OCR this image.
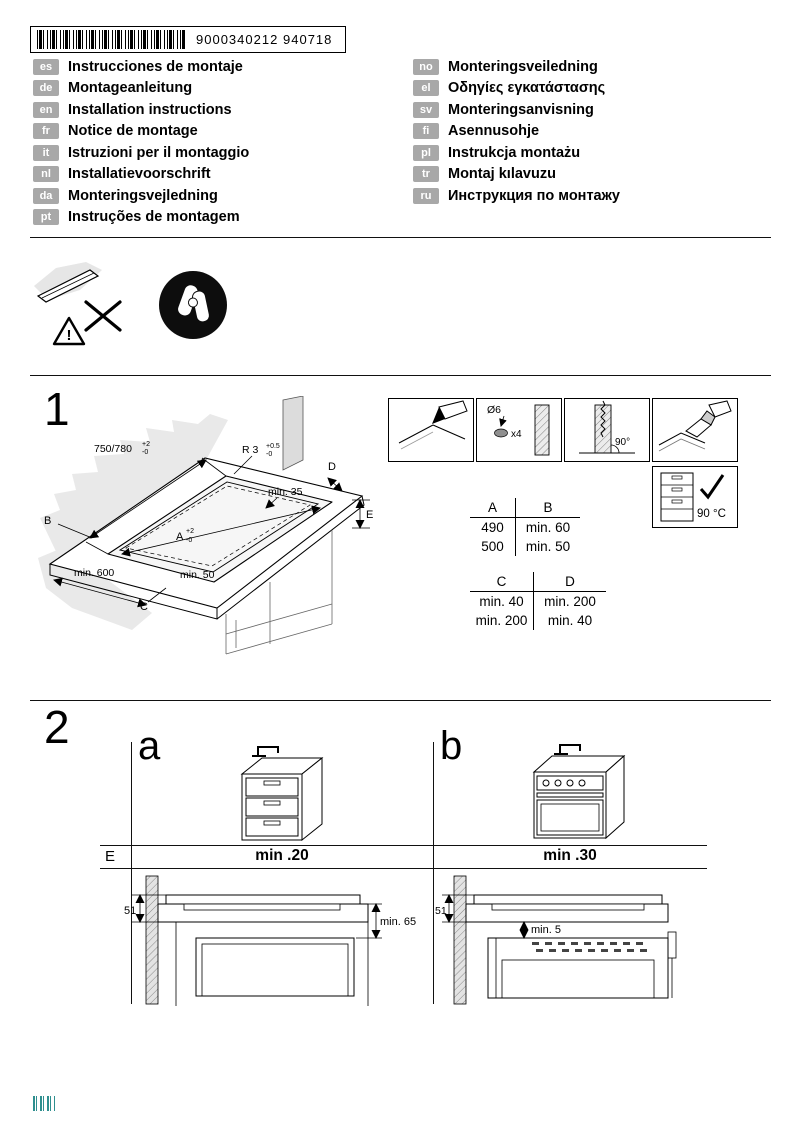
9000340212 940718
es	Instrucciones de montaje
de	Montageanleitung
en	Installation instructions
fr	Notice de montage
it	Istruzioni per il montaggio
nl	Installatievoorschrift
da	Monteringsvejledning
pt	Instruções de montagem
no	Monteringsveiledning
el	Οδηγίες εγκατάστασης
sv	Monteringsanvisning
fi	Asennusohje
pl	Instrukcja montażu
tr	Montaj kılavuzu
ru	Инструкция по монтажу
!
1
750/780 +2
-0	R 3 +0.5
-0
min. 35
A +2
-0
min. 600	min. 50
B
C
D
E
Ø6
x4
90°
90 °C
A	B
490	min. 60
500	min. 50
C	D
min. 40	min. 200
min. 200	min. 40
2 a	b
E	min .20	min .30
51
min. 65
51
min. 5
